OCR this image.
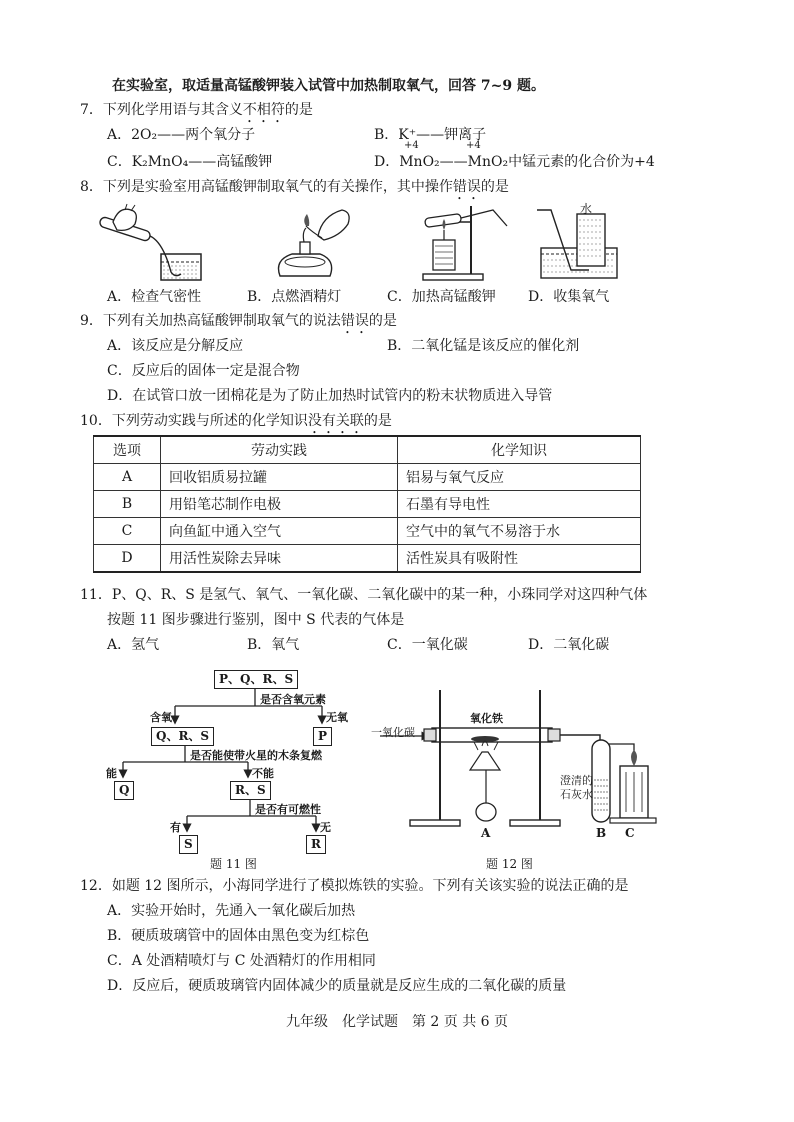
在实验室，取适量高锰酸钾装入试管中加热制取氧气，回答 7~9 题。
7．下列化学用语与其含义不相符的是
A．2O₂——两个氧分子	B．K⁺——钾离子
C．K₂MnO₄——高锰酸钾
+4	+4
D．MnO₂——MnO₂中锰元素的化合价为+4
8．下列是实验室用高锰酸钾制取氧气的有关操作，其中操作错误的是
A．检查气密性	B．点燃酒精灯	C．加热高锰酸钾
水
D．收集氧气
9．下列有关加热高锰酸钾制取氧气的说法错误的是
A．该反应是分解反应	B．二氧化锰是该反应的催化剂
C．反应后的固体一定是混合物
D．在试管口放一团棉花是为了防止加热时试管内的粉末状物质进入导管
10．下列劳动实践与所述的化学知识没有关联的是
选项	劳动实践	化学知识
A	回收铝质易拉罐	铝易与氧气反应
B	用铅笔芯制作电极	石墨有导电性
C	向鱼缸中通入空气	空气中的氧气不易溶于水
D	用活性炭除去异味	活性炭具有吸附性
11．P、Q、R、S 是氢气、氧气、一氧化碳、二氧化碳中的某一种，小珠同学对这四种气体
按题 11 图步骤进行鉴别，图中 S 代表的气体是
A．氢气	B．氧气	C．一氧化碳	D．二氧化碳
P、Q、R、S
是否含氧元素
含氧	无氧
Q、R、S	P
是否能使带火星的木条复燃
能	不能
Q	R、S
是否有可燃性
有	无
S	R
题 11 图
一氧化碳
氧化铁
澄清的
石灰水
A	B C
题 12 图
12．如题 12 图所示，小海同学进行了模拟炼铁的实验。下列有关该实验的说法正确的是
A．实验开始时，先通入一氧化碳后加热
B．硬质玻璃管中的固体由黑色变为红棕色
C．A 处酒精喷灯与 C 处酒精灯的作用相同
D．反应后，硬质玻璃管内固体减少的质量就是反应生成的二氧化碳的质量
九年级　化学试题　第 2 页 共 6 页
